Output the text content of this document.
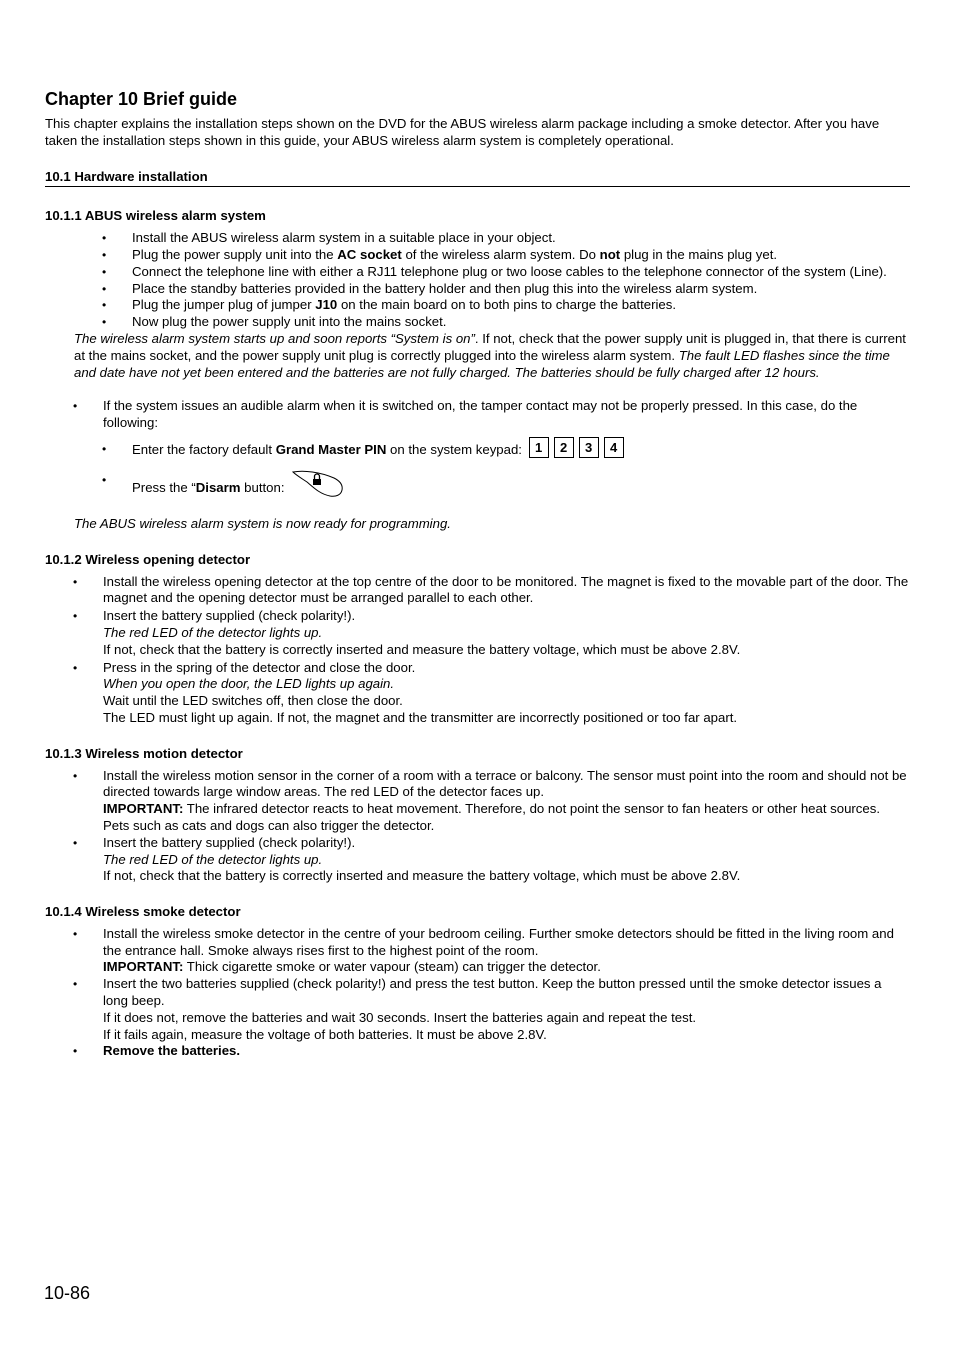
Chapter 10 Brief guide

This chapter explains the installation steps shown on the DVD for the ABUS wireless alarm package including a smoke detector. After you have taken the installation steps shown in this guide, your ABUS wireless alarm system is completely operational.

10.1 Hardware installation
10.1.1 ABUS wireless alarm system
• Install the ABUS wireless alarm system in a suitable place in your object.
• Plug the power supply unit into the AC socket of the wireless alarm system. Do not plug in the mains plug yet.
• Connect the telephone line with either a RJ11 telephone plug or two loose cables to the telephone connector of the system (Line).
• Place the standby batteries provided in the battery holder and then plug this into the wireless alarm system.
• Plug the jumper plug of jumper J10 on the main board on to both pins to charge the batteries.
• Now plug the power supply unit into the mains socket.

The wireless alarm system starts up and soon reports “System is on”. If not, check that the power supply unit is plugged in, that there is current at the mains socket, and the power supply unit plug is correctly plugged into the wireless alarm system. The fault LED flashes since the time and date have not yet been entered and the batteries are not fully charged. The batteries should be fully charged after 12 hours.

• If the system issues an audible alarm when it is switched on, the tamper contact may not be properly pressed. In this case, do the following:
• Enter the factory default Grand Master PIN on the system keypad: 1 2 3 4
• Press the “Disarm button:

The ABUS wireless alarm system is now ready for programming.

10.1.2 Wireless opening detector
• Install the wireless opening detector at the top centre of the door to be monitored. The magnet is fixed to the movable part of the door. The magnet and the opening detector must be arranged parallel to each other.
• Insert the battery supplied (check polarity!).
The red LED of the detector lights up.
If not, check that the battery is correctly inserted and measure the battery voltage, which must be above 2.8V.
• Press in the spring of the detector and close the door.
When you open the door, the LED lights up again.
Wait until the LED switches off, then close the door.
The LED must light up again. If not, the magnet and the transmitter are incorrectly positioned or too far apart.
10.1.3 Wireless motion detector
• Install the wireless motion sensor in the corner of a room with a terrace or balcony. The sensor must point into the room and should not be directed towards large window areas. The red LED of the detector faces up.
IMPORTANT: The infrared detector reacts to heat movement. Therefore, do not point the sensor to fan heaters or other heat sources. Pets such as cats and dogs can also trigger the detector.
• Insert the battery supplied (check polarity!).
The red LED of the detector lights up.
If not, check that the battery is correctly inserted and measure the battery voltage, which must be above 2.8V.
10.1.4 Wireless smoke detector
• Install the wireless smoke detector in the centre of your bedroom ceiling. Further smoke detectors should be fitted in the living room and the entrance hall. Smoke always rises first to the highest point of the room.
IMPORTANT: Thick cigarette smoke or water vapour (steam) can trigger the detector.
• Insert the two batteries supplied (check polarity!) and press the test button. Keep the button pressed until the smoke detector issues a long beep.
If it does not, remove the batteries and wait 30 seconds. Insert the batteries again and repeat the test.
If it fails again, measure the voltage of both batteries. It must be above 2.8V.
• Remove the batteries.
10-86
